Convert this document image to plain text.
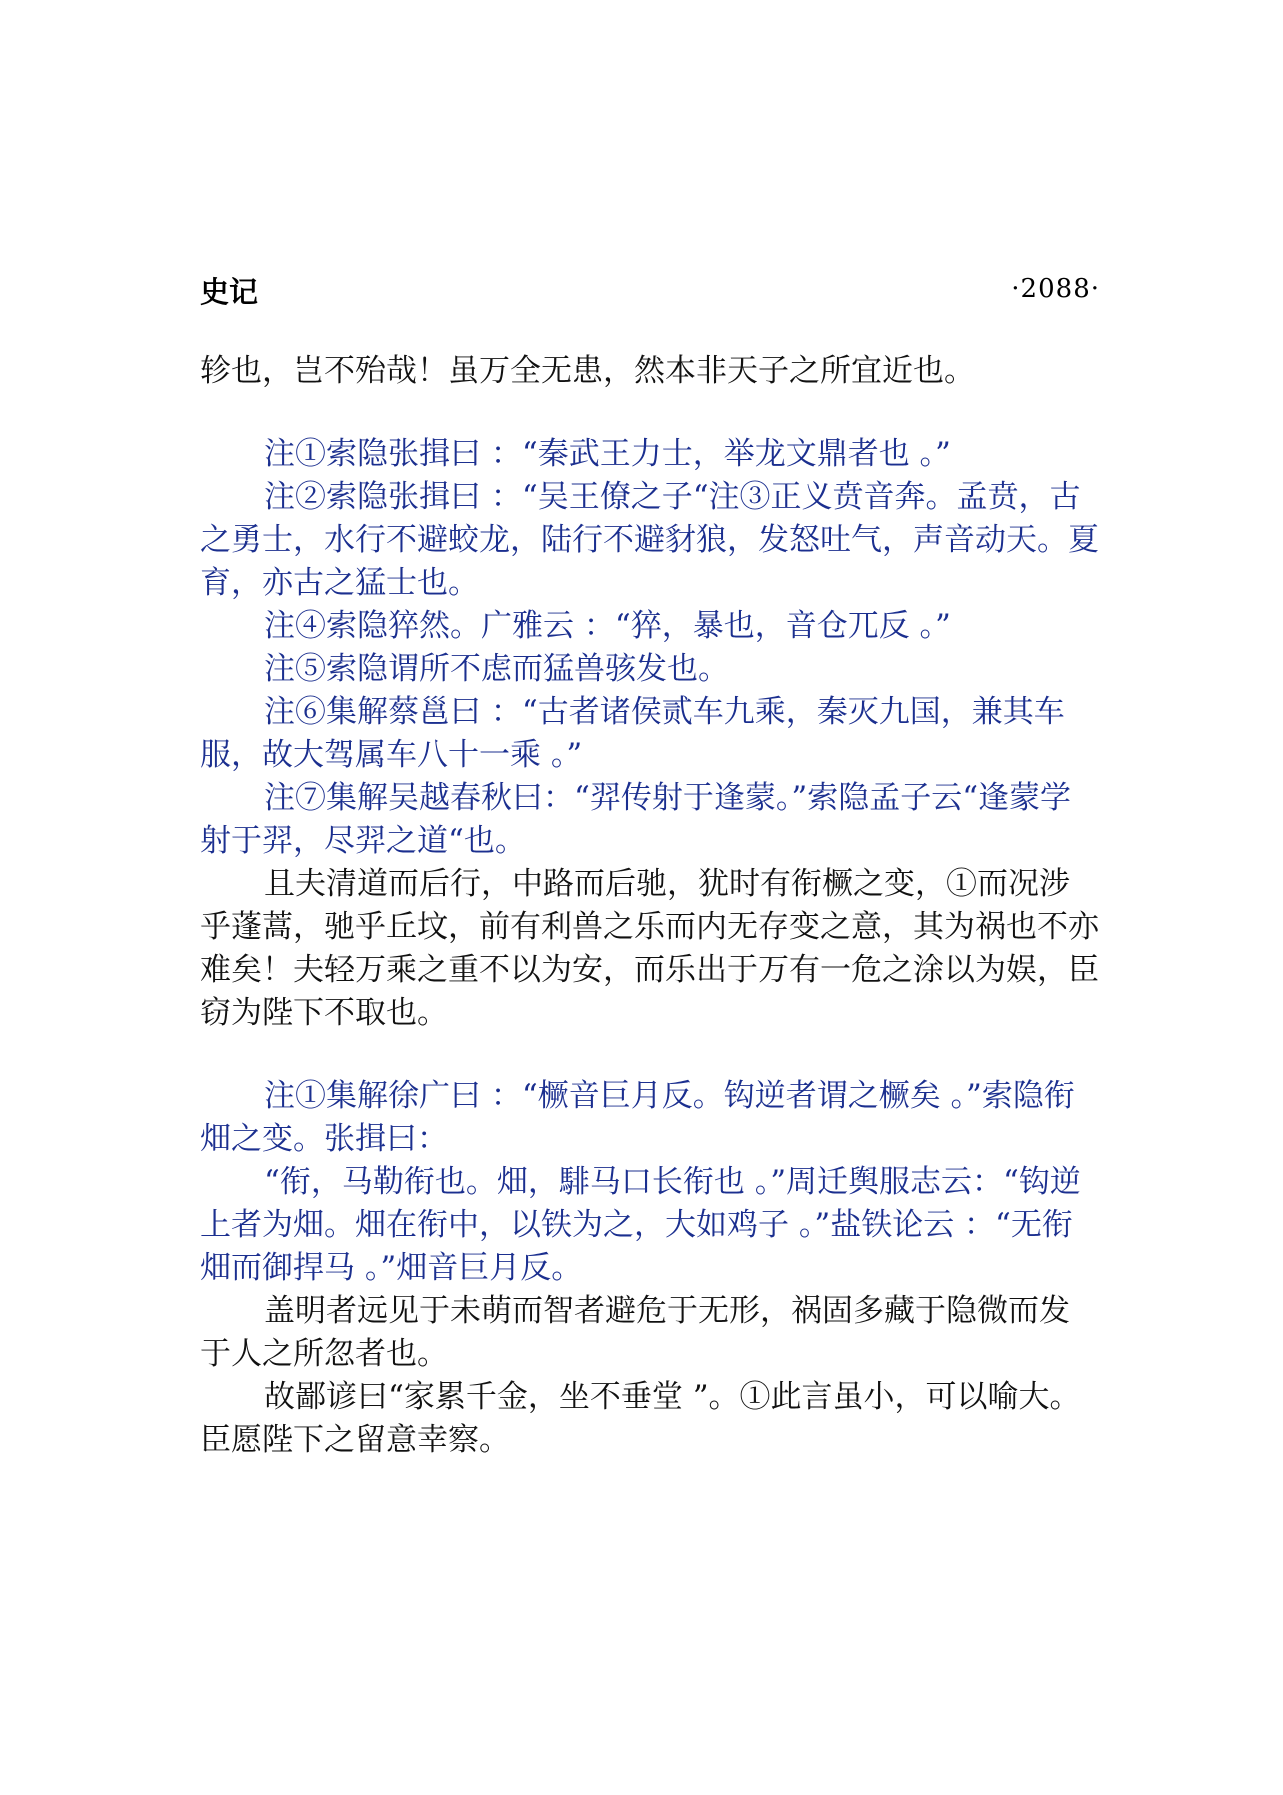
史记	·2088·

轸也，岂不殆哉！虽万全无患，然本非天子之所宜近也。

注①索隐张揖曰 ：“秦武王力士，举龙文鼎者也 。”

注②索隐张揖曰 ：“吴王僚之子“注③正义贲音奔。孟贲，古之勇士，水行不避蛟龙，陆行不避豺狼，发怒吐气，声音动天。夏育，亦古之猛士也。

注④索隐猝然。广雅云 ：“猝，暴也，音仓兀反 。”

注⑤索隐谓所不虑而猛兽骇发也。

注⑥集解蔡邕曰 ：“古者诸侯贰车九乘，秦灭九国，兼其车服，故大驾属车八十一乘 。”

注⑦集解吴越春秋曰：“羿传射于逢蒙。”索隐孟子云“逢蒙学射于羿，尽羿之道“也。

且夫清道而后行，中路而后驰，犹时有衔橛之变，①而况涉乎蓬蒿，驰乎丘坟，前有利兽之乐而内无存变之意，其为祸也不亦难矣！夫轻万乘之重不以为安，而乐出于万有一危之涂以为娱，臣窃为陛下不取也。

注①集解徐广曰 ：“橛音巨月反。钩逆者谓之橛矣 。”索隐衔畑之变。张揖曰：

“衔，马勒衔也。畑，騑马口长衔也 。”周迁舆服志云：“钩逆上者为畑。畑在衔中，以铁为之，大如鸡子 。”盐铁论云 ：“无衔畑而御捍马 。”畑音巨月反。

盖明者远见于未萌而智者避危于无形，祸固多藏于隐微而发于人之所忽者也。

故鄙谚曰“家累千金，坐不垂堂 ”。①此言虽小，可以喻大。臣愿陛下之留意幸察。
